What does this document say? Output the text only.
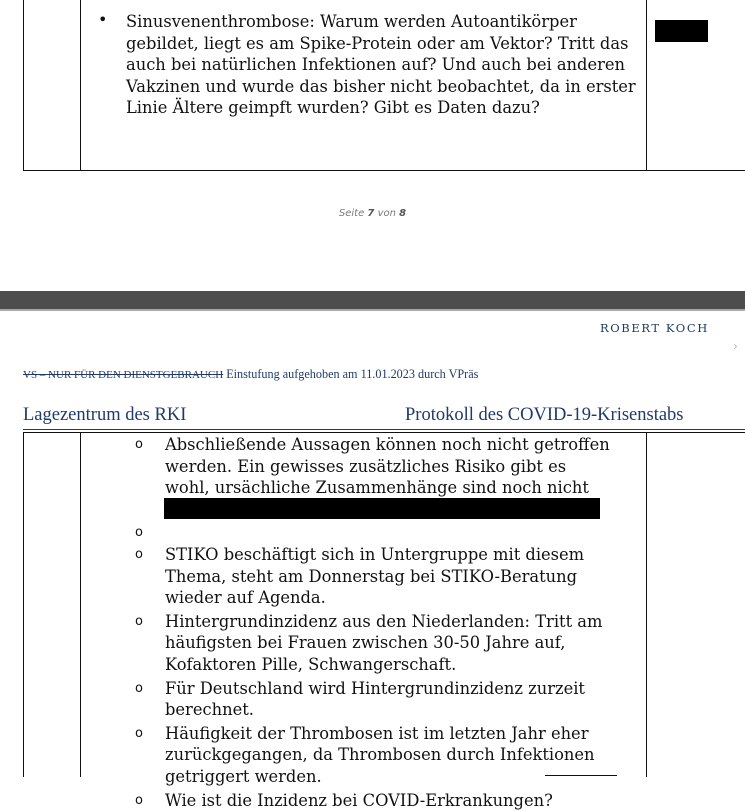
• Sinusvenenthrombose: Warum werden Autoantikörper gebildet, liegt es am Spike-Protein oder am Vektor? Tritt das auch bei natürlichen Infektionen auf? Und auch bei anderen Vakzinen und wurde das bisher nicht beobachtet, da in erster Linie Ältere geimpft wurden? Gibt es Daten dazu?
Seite 7 von 8
ROBERT KOCH
›
VS – NUR FÜR DEN DIENSTGEBRAUCH Einstufung aufgehoben am 11.01.2023 durch VPräs
Lagezentrum des RKI	Protokoll des COVID-19-Krisenstabs
o Abschließende Aussagen können noch nicht getroffen werden. Ein gewisses zusätzliches Risiko gibt es wohl, ursächliche Zusammenhänge sind noch nicht
o
o STIKO beschäftigt sich in Untergruppe mit diesem Thema, steht am Donnerstag bei STIKO-Beratung wieder auf Agenda.
o Hintergrundinzidenz aus den Niederlanden: Tritt am häufigsten bei Frauen zwischen 30-50 Jahre auf, Kofaktoren Pille, Schwangerschaft.
o Für Deutschland wird Hintergrundinzidenz zurzeit berechnet.
o Häufigkeit der Thrombosen ist im letzten Jahr eher zurückgegangen, da Thrombosen durch Infektionen getriggert werden.
o Wie ist die Inzidenz bei COVID-Erkrankungen?
